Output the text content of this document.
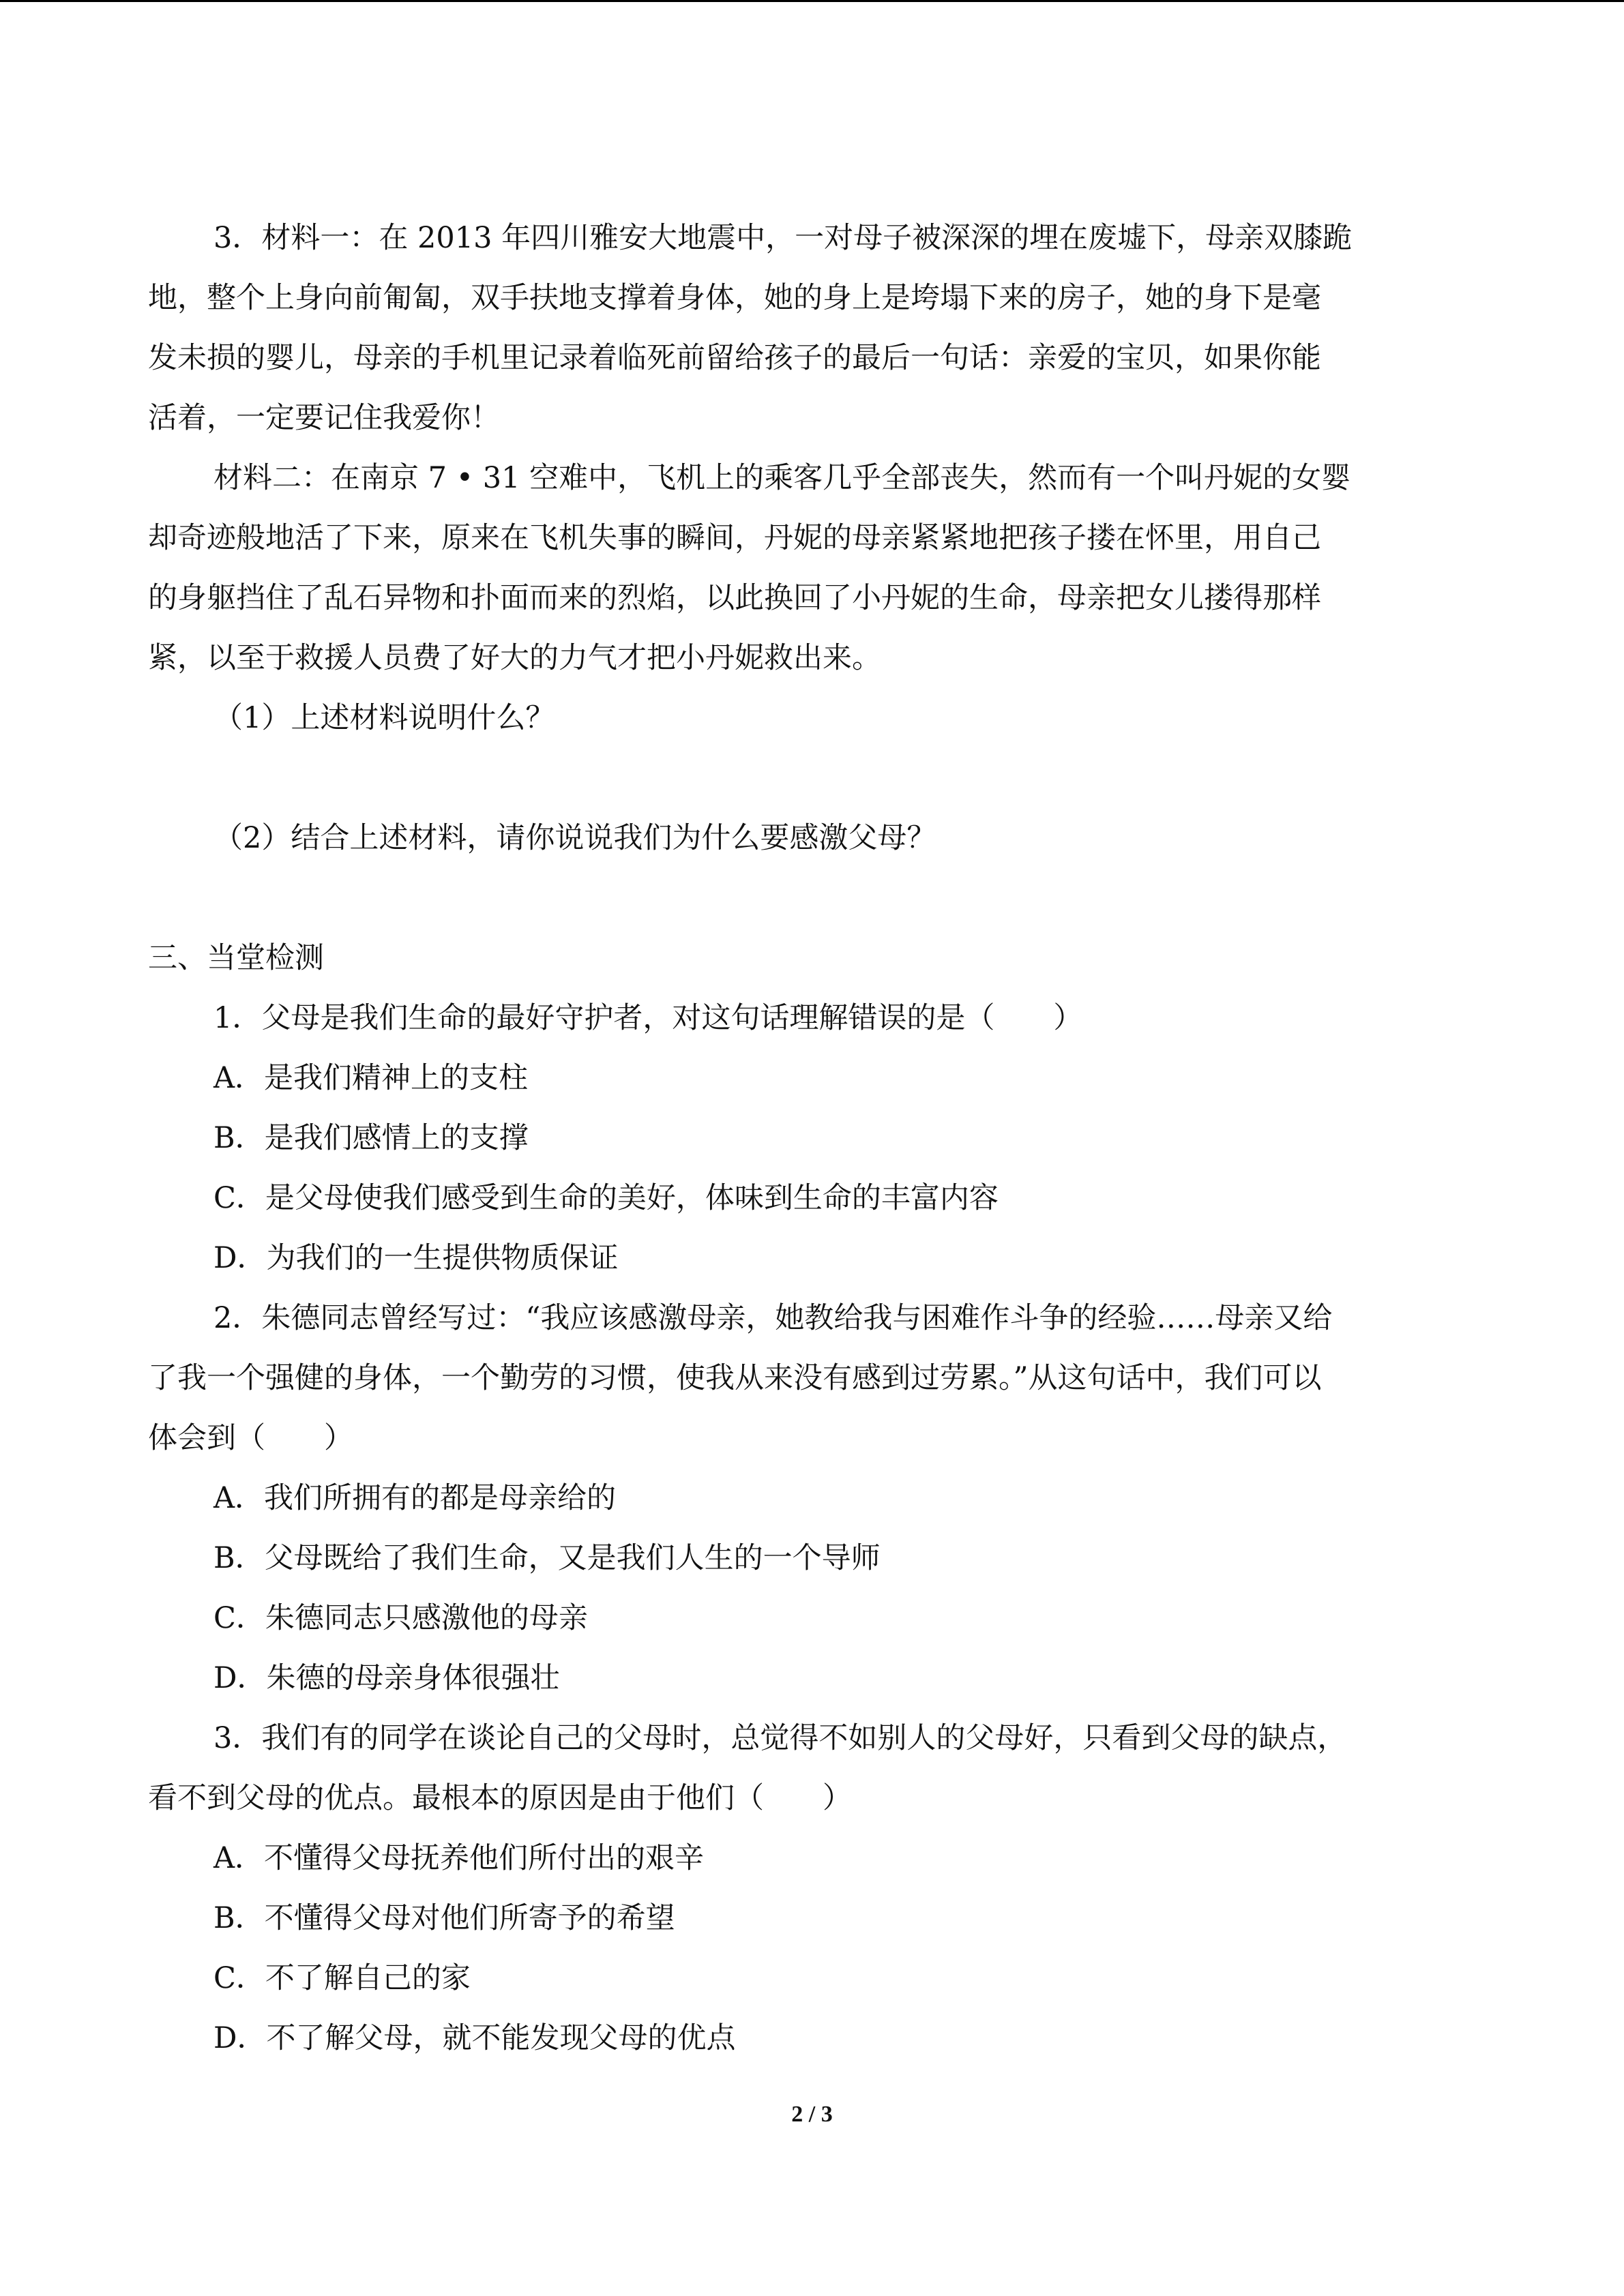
3．材料一：在 2013 年四川雅安大地震中，一对母子被深深的埋在废墟下，母亲双膝跪
地，整个上身向前匍匐，双手扶地支撑着身体，她的身上是垮塌下来的房子，她的身下是毫
发未损的婴儿，母亲的手机里记录着临死前留给孩子的最后一句话：亲爱的宝贝，如果你能
活着，一定要记住我爱你！
材料二：在南京 7 • 31 空难中，飞机上的乘客几乎全部丧失，然而有一个叫丹妮的女婴
却奇迹般地活了下来，原来在飞机失事的瞬间，丹妮的母亲紧紧地把孩子搂在怀里，用自己
的身躯挡住了乱石异物和扑面而来的烈焰，以此换回了小丹妮的生命，母亲把女儿搂得那样
紧，以至于救援人员费了好大的力气才把小丹妮救出来。
（1）上述材料说明什么？
（2）结合上述材料，请你说说我们为什么要感激父母？
三、当堂检测
1．父母是我们生命的最好守护者，对这句话理解错误的是（　　）
A．是我们精神上的支柱
B．是我们感情上的支撑
C．是父母使我们感受到生命的美好，体味到生命的丰富内容
D．为我们的一生提供物质保证
2．朱德同志曾经写过：“我应该感激母亲，她教给我与困难作斗争的经验……母亲又给
了我一个强健的身体，一个勤劳的习惯，使我从来没有感到过劳累。”从这句话中，我们可以
体会到（　　）
A．我们所拥有的都是母亲给的
B．父母既给了我们生命，又是我们人生的一个导师
C．朱德同志只感激他的母亲
D．朱德的母亲身体很强壮
3．我们有的同学在谈论自己的父母时，总觉得不如别人的父母好，只看到父母的缺点，
看不到父母的优点。最根本的原因是由于他们（　　）
A．不懂得父母抚养他们所付出的艰辛
B．不懂得父母对他们所寄予的希望
C．不了解自己的家
D．不了解父母，就不能发现父母的优点
2 / 3
